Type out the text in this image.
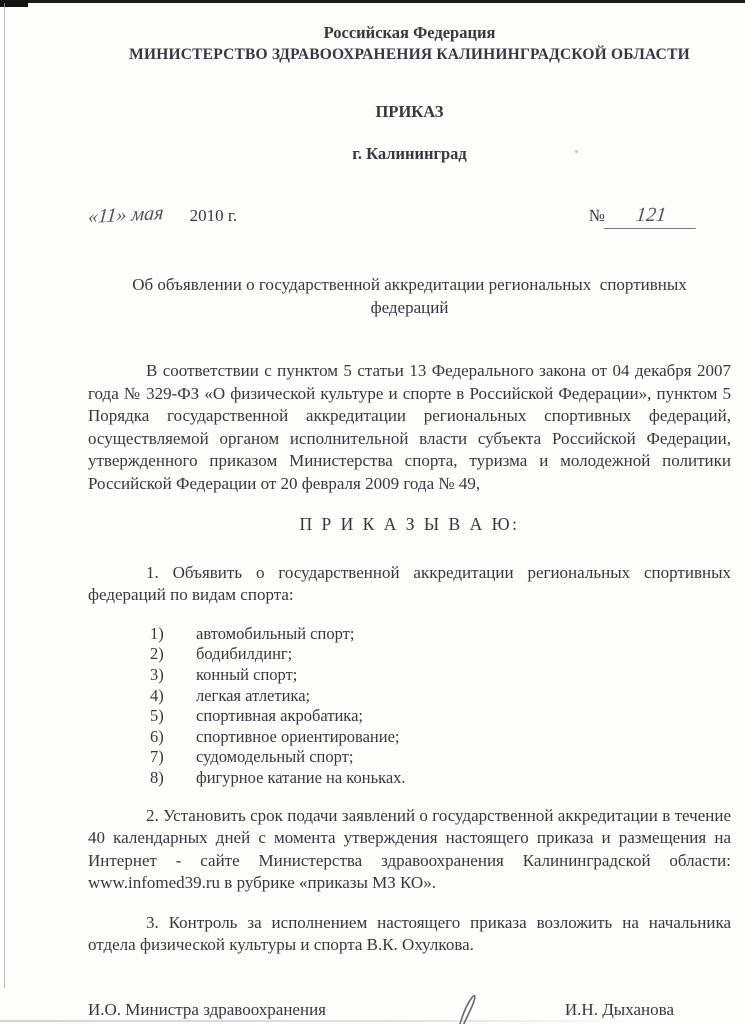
Российская Федерация
МИНИСТЕРСТВО ЗДРАВООХРАНЕНИЯ КАЛИНИНГРАДСКОЙ ОБЛАСТИ
ПРИКАЗ
г. Калининград
«11» мая 2010 г.	№	121
Об объявлении о государственной аккредитации региональных  спортивных федераций

В соответствии с пунктом 5 статьи 13 Федерального закона от 04 декабря 2007 года № 329-ФЗ «О физической культуре и спорте в Российской Федерации», пунктом 5 Порядка государственной аккредитации региональных спортивных федераций, осуществляемой органом исполнительной власти субъекта Российской Федерации, утвержденного приказом Министерства спорта, туризма и молодежной политики Российской Федерации от 20 февраля 2009 года № 49,

П Р И К А З Ы В А Ю:

1. Объявить о государственной аккредитации региональных спортивных федераций по видам спорта:

1) автомобильный спорт;
2) бодибилдинг;
3) конный спорт;
4) легкая атлетика;
5) спортивная акробатика;
6) спортивное ориентирование;
7) судомодельный спорт;
8) фигурное катание на коньках.

2. Установить срок подачи заявлений о государственной аккредитации в течение 40 календарных дней с момента утверждения настоящего приказа и размещения на Интернет - сайте Министерства здравоохранения Калининградской области: www.infomed39.ru в рубрике «приказы МЗ КО».

3. Контроль за исполнением настоящего приказа возложить на начальника отдела физической культуры и спорта В.К. Охулкова.

И.О. Министра здравоохранения	И.Н. Дыханова
